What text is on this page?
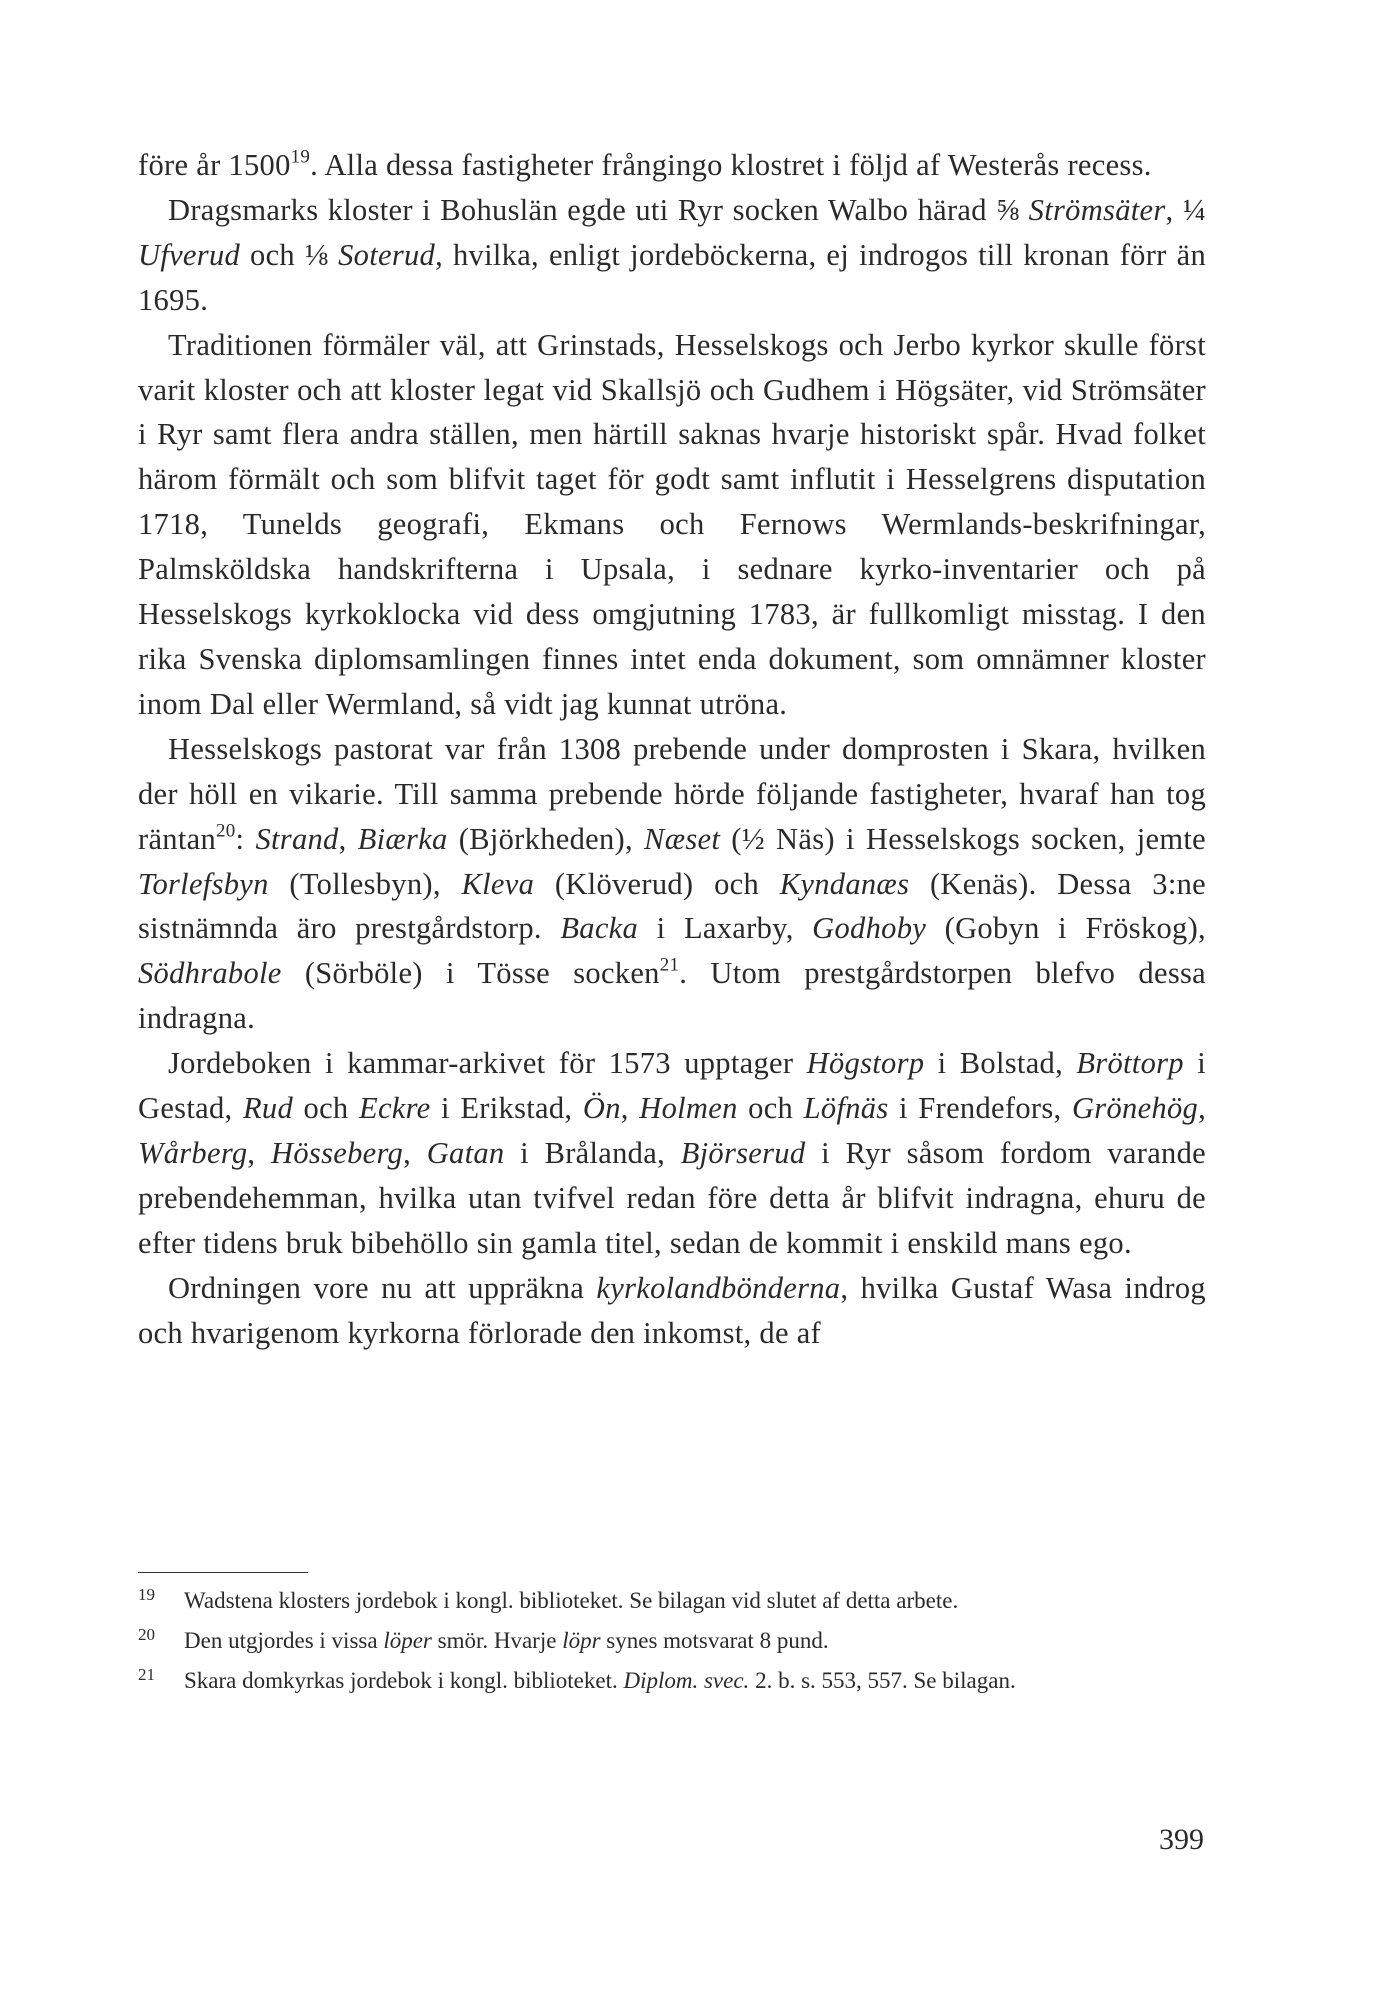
före år 1500$^{19}$. Alla dessa fastigheter frångingo klostret i följd af Westerås recess.

Dragsmarks kloster i Bohuslän egde uti Ryr socken Walbo härad ⅝ Strömsäter, ¼ Ufverud och ⅛ Soterud, hvilka, enligt jordeböckerna, ej indrogos till kronan förr än 1695.

Traditionen förmäler väl, att Grinstads, Hesselskogs och Jerbo kyrkor skulle först varit kloster och att kloster legat vid Skallsjö och Gudhem i Högsäter, vid Strömsäter i Ryr samt flera andra ställen, men härtill saknas hvarje historiskt spår. Hvad folket härom förmält och som blifvit taget för godt samt influtit i Hesselgrens disputation 1718, Tunelds geografi, Ekmans och Fernows Wermlands-beskrifningar, Palmsköldska handskrifterna i Upsala, i sednare kyrko-inventarier och på Hesselskogs kyrkoklocka vid dess omgjutning 1783, är fullkomligt misstag. I den rika Svenska diplomsamlingen finnes intet enda dokument, som omnämner kloster inom Dal eller Wermland, så vidt jag kunnat utröna.

Hesselskogs pastorat var från 1308 prebende under domprosten i Skara, hvilken der höll en vikarie. Till samma prebende hörde följande fastigheter, hvaraf han tog räntan$^{20}$: Strand, Biærka (Björkheden), Næset (½ Näs) i Hesselskogs socken, jemte Torlefsbyn (Tollesbyn), Kleva (Klöverud) och Kyndanæs (Kenäs). Dessa 3:ne sistnämnda äro prestgårdstorp. Backa i Laxarby, Godhoby (Gobyn i Fröskog), Södhrabole (Sörböle) i Tösse socken$^{21}$. Utom prestgårdstorpen blefvo dessa indragna.

Jordeboken i kammar-arkivet för 1573 upptager Högstorp i Bolstad, Bröttorp i Gestad, Rud och Eckre i Erikstad, Ön, Holmen och Löfnäs i Frendefors, Grönehög, Wårberg, Hösseberg, Gatan i Brålanda, Björserud i Ryr såsom fordom varande prebendehemman, hvilka utan tvifvel redan före detta år blifvit indragna, ehuru de efter tidens bruk bibehöllo sin gamla titel, sedan de kommit i enskild mans ego.

Ordningen vore nu att uppräkna kyrkolandbönderna, hvilka Gustaf Wasa indrog och hvarigenom kyrkorna förlorade den inkomst, de af

19 Wadstena klosters jordebok i kongl. biblioteket. Se bilagan vid slutet af detta arbete.

20 Den utgjordes i vissa löper smör. Hvarje löpr synes motsvarat 8 pund.

21 Skara domkyrkas jordebok i kongl. biblioteket. Diplom. svec. 2. b. s. 553, 557. Se bilagan.

399
